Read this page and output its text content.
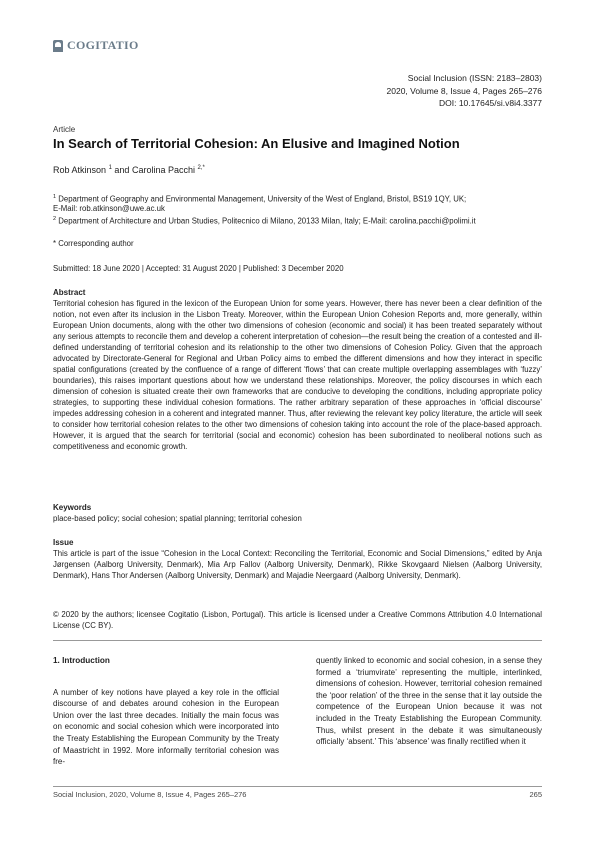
COGITATIO
Social Inclusion (ISSN: 2183–2803)
2020, Volume 8, Issue 4, Pages 265–276
DOI: 10.17645/si.v8i4.3377
Article
In Search of Territorial Cohesion: An Elusive and Imagined Notion
Rob Atkinson $^1$ and Carolina Pacchi $^{2,*}$
$^1$ Department of Geography and Environmental Management, University of the West of England, Bristol, BS19 1QY, UK;
E-Mail: rob.atkinson@uwe.ac.uk
$^2$ Department of Architecture and Urban Studies, Politecnico di Milano, 20133 Milan, Italy; E-Mail: carolina.pacchi@polimi.it
* Corresponding author
Submitted: 18 June 2020 | Accepted: 31 August 2020 | Published: 3 December 2020
Abstract
Territorial cohesion has figured in the lexicon of the European Union for some years. However, there has never been a clear definition of the notion, not even after its inclusion in the Lisbon Treaty. Moreover, within the European Union Cohesion Reports and, more generally, within European Union documents, along with the other two dimensions of cohesion (economic and social) it has been treated separately without any serious attempts to reconcile them and develop a coherent interpretation of cohesion—the result being the creation of a contested and ill-defined understanding of territorial cohesion and its relationship to the other two dimensions of Cohesion Policy. Given that the approach advocated by Directorate-General for Regional and Urban Policy aims to embed the different dimensions and how they interact in specific spatial configurations (created by the confluence of a range of different ‘flows’ that can create multiple overlapping assemblages with ‘fuzzy’ boundaries), this raises important questions about how we understand these relationships. Moreover, the policy discourses in which each dimension of cohesion is situated create their own frameworks that are conducive to developing the conditions, including appropriate policy strategies, to supporting these individual cohesion formations. The rather arbitrary separation of these approaches in ‘official discourse’ impedes addressing cohesion in a coherent and integrated manner. Thus, after reviewing the relevant key policy literature, the article will seek to consider how territorial cohesion relates to the other two dimensions of cohesion taking into account the role of the place-based approach. However, it is argued that the search for territorial (social and economic) cohesion has been subordinated to neoliberal notions such as competitiveness and economic growth.
Keywords
place-based policy; social cohesion; spatial planning; territorial cohesion
Issue
This article is part of the issue “Cohesion in the Local Context: Reconciling the Territorial, Economic and Social Dimensions,” edited by Anja Jørgensen (Aalborg University, Denmark), Mia Arp Fallov (Aalborg University, Denmark), Rikke Skovgaard Nielsen (Aalborg University, Denmark), Hans Thor Andersen (Aalborg University, Denmark) and Majadie Neergaard (Aalborg University, Denmark).
© 2020 by the authors; licensee Cogitatio (Lisbon, Portugal). This article is licensed under a Creative Commons Attribution 4.0 International License (CC BY).
1. Introduction

A number of key notions have played a key role in the official discourse of and debates around cohesion in the European Union over the last three decades. Initially the main focus was on economic and social cohesion which were incorporated into the Treaty Establishing the European Community by the Treaty of Maastricht in 1992. More informally territorial cohesion was fre-

quently linked to economic and social cohesion, in a sense they formed a ‘triumvirate’ representing the multiple, interlinked, dimensions of cohesion. However, territorial cohesion remained the ‘poor relation’ of the three in the sense that it lay outside the competence of the European Union because it was not included in the Treaty Establishing the European Community. Thus, whilst present in the debate it was simultaneously officially ‘absent.’ This ‘absence’ was finally rectified when it

Social Inclusion, 2020, Volume 8, Issue 4, Pages 265–276	265
